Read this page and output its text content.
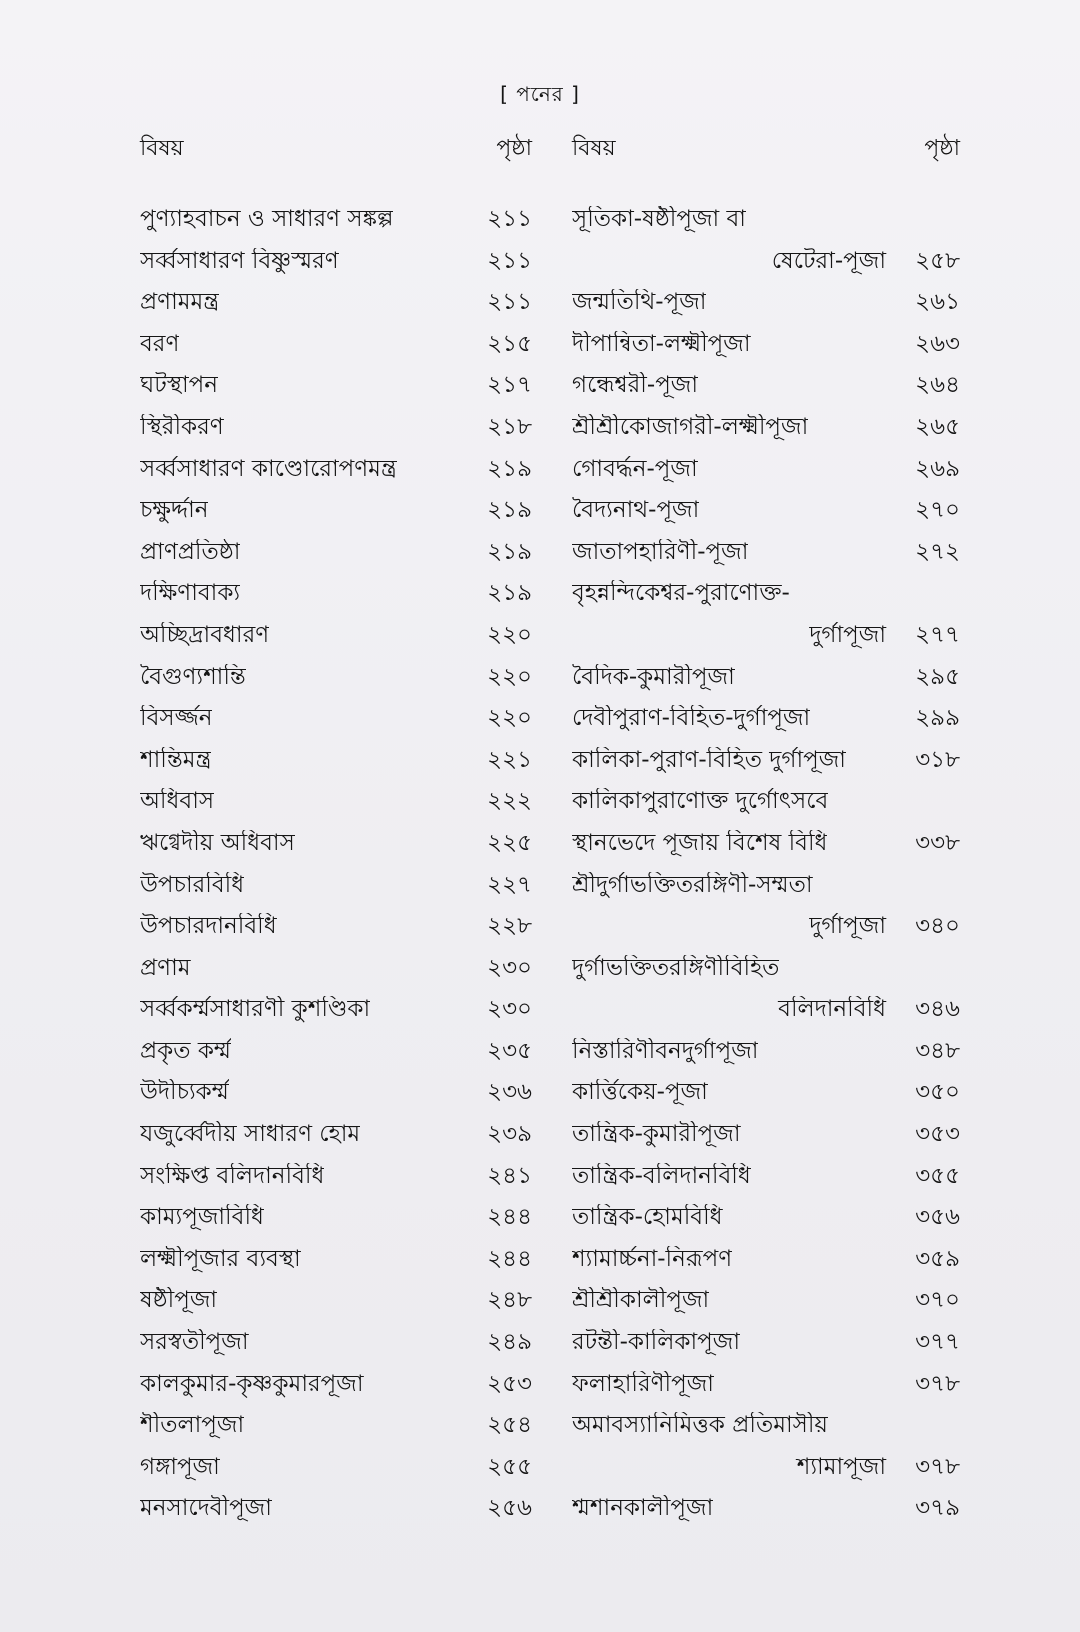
[ পনের ]
বিষয়	পৃষ্ঠা
পুণ্যাহবাচন ও সাধারণ সঙ্কল্প	২১১
সর্ব্বসাধারণ বিষ্ণুস্মরণ	২১১
প্রণামমন্ত্র	২১১
বরণ	২১৫
ঘটস্থাপন	২১৭
স্থিরীকরণ	২১৮
সর্ব্বসাধারণ কাণ্ডোরোপণমন্ত্র	২১৯
চক্ষুর্দ্দান	২১৯
প্রাণপ্রতিষ্ঠা	২১৯
দক্ষিণাবাক্য	২১৯
অচ্ছিদ্রাবধারণ	২২০
বৈগুণ্যশান্তি	২২০
বিসর্জ্জন	২২০
শান্তিমন্ত্র	২২১
অধিবাস	২২২
ঋগ্বেদীয় অধিবাস	২২৫
উপচারবিধি	২২৭
উপচারদানবিধি	২২৮
প্রণাম	২৩০
সর্ব্বকর্ম্মসাধারণী কুশণ্ডিকা	২৩০
প্রকৃত কর্ম্ম	২৩৫
উদীচ্যকর্ম্ম	২৩৬
যজুর্ব্বেদীয় সাধারণ হোম	২৩৯
সংক্ষিপ্ত বলিদানবিধি	২৪১
কাম্যপূজাবিধি	২৪৪
লক্ষ্মীপূজার ব্যবস্থা	২৪৪
ষষ্ঠীপূজা	২৪৮
সরস্বতীপূজা	২৪৯
কালকুমার-কৃষ্ণকুমারপূজা	২৫৩
শীতলাপূজা	২৫৪
গঙ্গাপূজা	২৫৫
মনসাদেবীপূজা	২৫৬
বিষয়	পৃষ্ঠা
সূতিকা-ষষ্ঠীপূজা বা
ষেটেরা-পূজা	২৫৮
জন্মতিথি-পূজা	২৬১
দীপান্বিতা-লক্ষ্মীপূজা	২৬৩
গন্ধেশ্বরী-পূজা	২৬৪
শ্রীশ্রীকোজাগরী-লক্ষ্মীপূজা	২৬৫
গোবর্দ্ধন-পূজা	২৬৯
বৈদ্যনাথ-পূজা	২৭০
জাতাপহারিণী-পূজা	২৭২
বৃহন্নন্দিকেশ্বর-পুরাণোক্ত-
দুর্গাপূজা	২৭৭
বৈদিক-কুমারীপূজা	২৯৫
দেবীপুরাণ-বিহিত-দুর্গাপূজা	২৯৯
কালিকা-পুরাণ-বিহিত দুর্গাপূজা	৩১৮
কালিকাপুরাণোক্ত দুর্গোৎসবে
স্থানভেদে পূজায় বিশেষ বিধি	৩৩৮
শ্রীদুর্গাভক্তিতরঙ্গিণী-সম্মতা
দুর্গাপূজা	৩৪০
দুর্গাভক্তিতরঙ্গিণীবিহিত
বলিদানবিধি	৩৪৬
নিস্তারিণীবনদুর্গাপূজা	৩৪৮
কার্ত্তিকেয়-পূজা	৩৫০
তান্ত্রিক-কুমারীপূজা	৩৫৩
তান্ত্রিক-বলিদানবিধি	৩৫৫
তান্ত্রিক-হোমবিধি	৩৫৬
শ্যামার্চ্চনা-নিরূপণ	৩৫৯
শ্রীশ্রীকালীপূজা	৩৭০
রটন্তী-কালিকাপূজা	৩৭৭
ফলাহারিণীপূজা	৩৭৮
অমাবস্যানিমিত্তক প্রতিমাসীয়
শ্যামাপূজা	৩৭৮
শ্মশানকালীপূজা	৩৭৯
